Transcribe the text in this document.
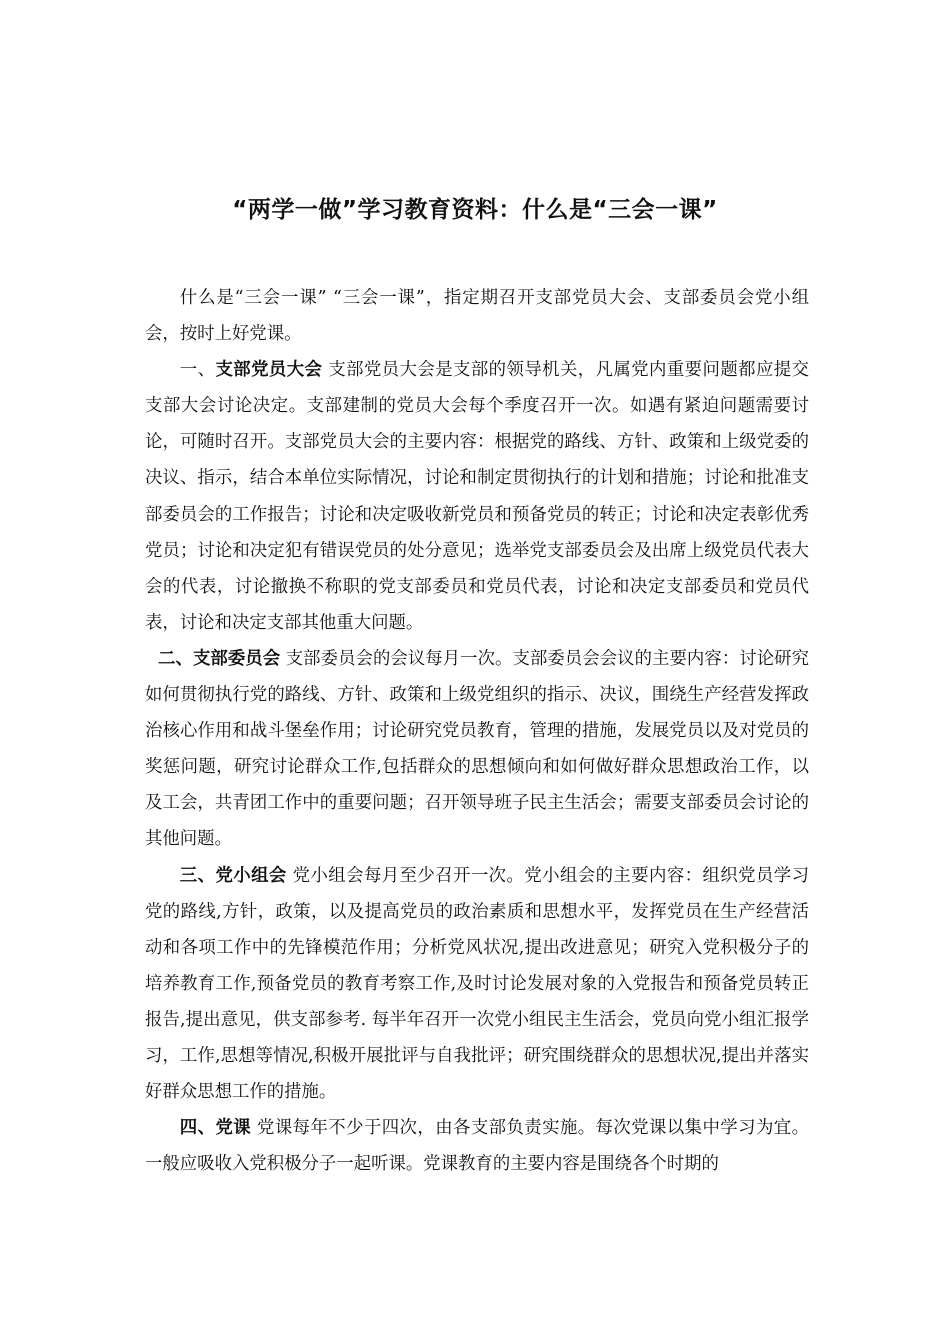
“两学一做”学习教育资料：什么是“三会一课”

什么是“三会一课” “三会一课”，指定期召开支部党员大会、支部委员会党小组会，按时上好党课。

一、支部党员大会 支部党员大会是支部的领导机关，凡属党内重要问题都应提交支部大会讨论决定。支部建制的党员大会每个季度召开一次。如遇有紧迫问题需要讨论，可随时召开。支部党员大会的主要内容：根据党的路线、方针、政策和上级党委的决议、指示，结合本单位实际情况，讨论和制定贯彻执行的计划和措施；讨论和批准支部委员会的工作报告；讨论和决定吸收新党员和预备党员的转正；讨论和决定表彰优秀党员；讨论和决定犯有错误党员的处分意见；选举党支部委员会及出席上级党员代表大会的代表，讨论撤换不称职的党支部委员和党员代表，讨论和决定支部委员和党员代表，讨论和决定支部其他重大问题。

二、支部委员会 支部委员会的会议每月一次。支部委员会会议的主要内容：讨论研究如何贯彻执行党的路线、方针、政策和上级党组织的指示、决议，围绕生产经营发挥政治核心作用和战斗堡垒作用；讨论研究党员教育，管理的措施，发展党员以及对党员的奖惩问题，研究讨论群众工作,包括群众的思想倾向和如何做好群众思想政治工作，以及工会，共青团工作中的重要问题；召开领导班子民主生活会；需要支部委员会讨论的其他问题。

三、党小组会 党小组会每月至少召开一次。党小组会的主要内容：组织党员学习党的路线,方针，政策，以及提高党员的政治素质和思想水平，发挥党员在生产经营活动和各项工作中的先锋模范作用；分析党风状况,提出改进意见；研究入党积极分子的培养教育工作,预备党员的教育考察工作,及时讨论发展对象的入党报告和预备党员转正报告,提出意见，供支部参考. 每半年召开一次党小组民主生活会，党员向党小组汇报学习，工作,思想等情况,积极开展批评与自我批评；研究围绕群众的思想状况,提出并落实好群众思想工作的措施。

四、党课 党课每年不少于四次，由各支部负责实施。每次党课以集中学习为宜。一般应吸收入党积极分子一起听课。党课教育的主要内容是围绕各个时期的
